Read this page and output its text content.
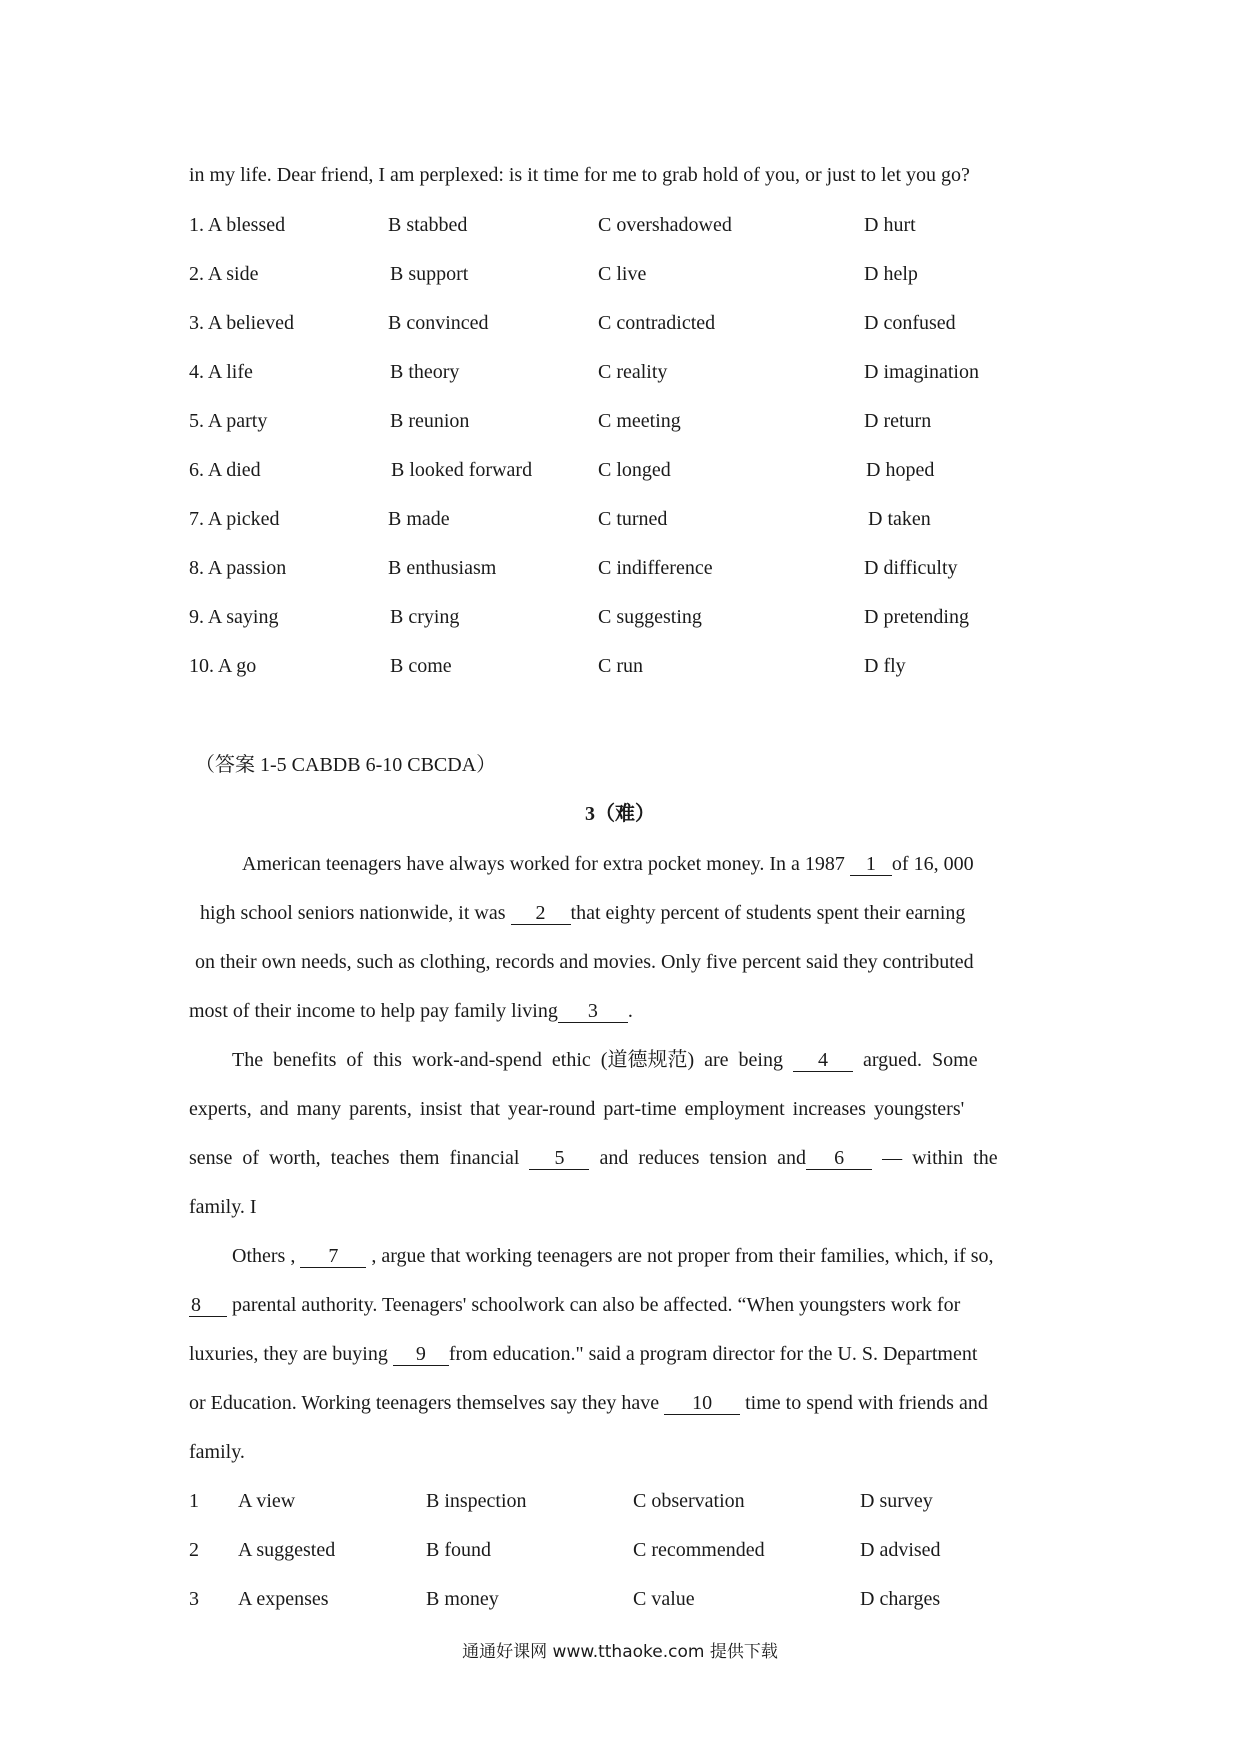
in my life. Dear friend, I am perplexed: is it time for me to grab hold of you, or just to let you go?
1. A blessed	B stabbed	C overshadowed	D hurt
2. A side	B support	C live	D help
3. A believed	B convinced	C contradicted	D confused
4. A life	B theory	C reality	D imagination
5. A party	B reunion	C meeting	D return
6. A died	B looked forward	C longed	D hoped
7. A picked	B made	C turned	D taken
8. A passion	B enthusiasm	C indifference	D difficulty
9. A saying	B crying	C suggesting	D pretending
10. A go	B come	C run	D fly
（答案 1-5 CABDB 6-10 CBCDA）
3（难）
American teenagers have always worked for extra pocket money. In a 1987 1 of 16, 000
high school seniors nationwide, it was 2 that eighty percent of students spent their earning
on their own needs, such as clothing, records and movies. Only five percent said they contributed
most of their income to help pay family living 3 .
The benefits of this work-and-spend ethic (道德规范) are being 4 argued. Some
experts, and many parents, insist that year-round part-time employment increases youngsters'
sense of worth, teaches them financial 5 and reduces tension and 6 — within the
family. I
Others , 7 , argue that working teenagers are not proper from their families, which, if so,
8 parental authority. Teenagers' schoolwork can also be affected. “When youngsters work for
luxuries, they are buying 9 from education." said a program director for the U. S. Department
or Education. Working teenagers themselves say they have 10 time to spend with friends and
family.
1 A view	B inspection	C observation	D survey
2 A suggested	B found	C recommended	D advised
3 A expenses	B money	C value	D charges
通通好课网 www.tthaoke.com 提供下载
